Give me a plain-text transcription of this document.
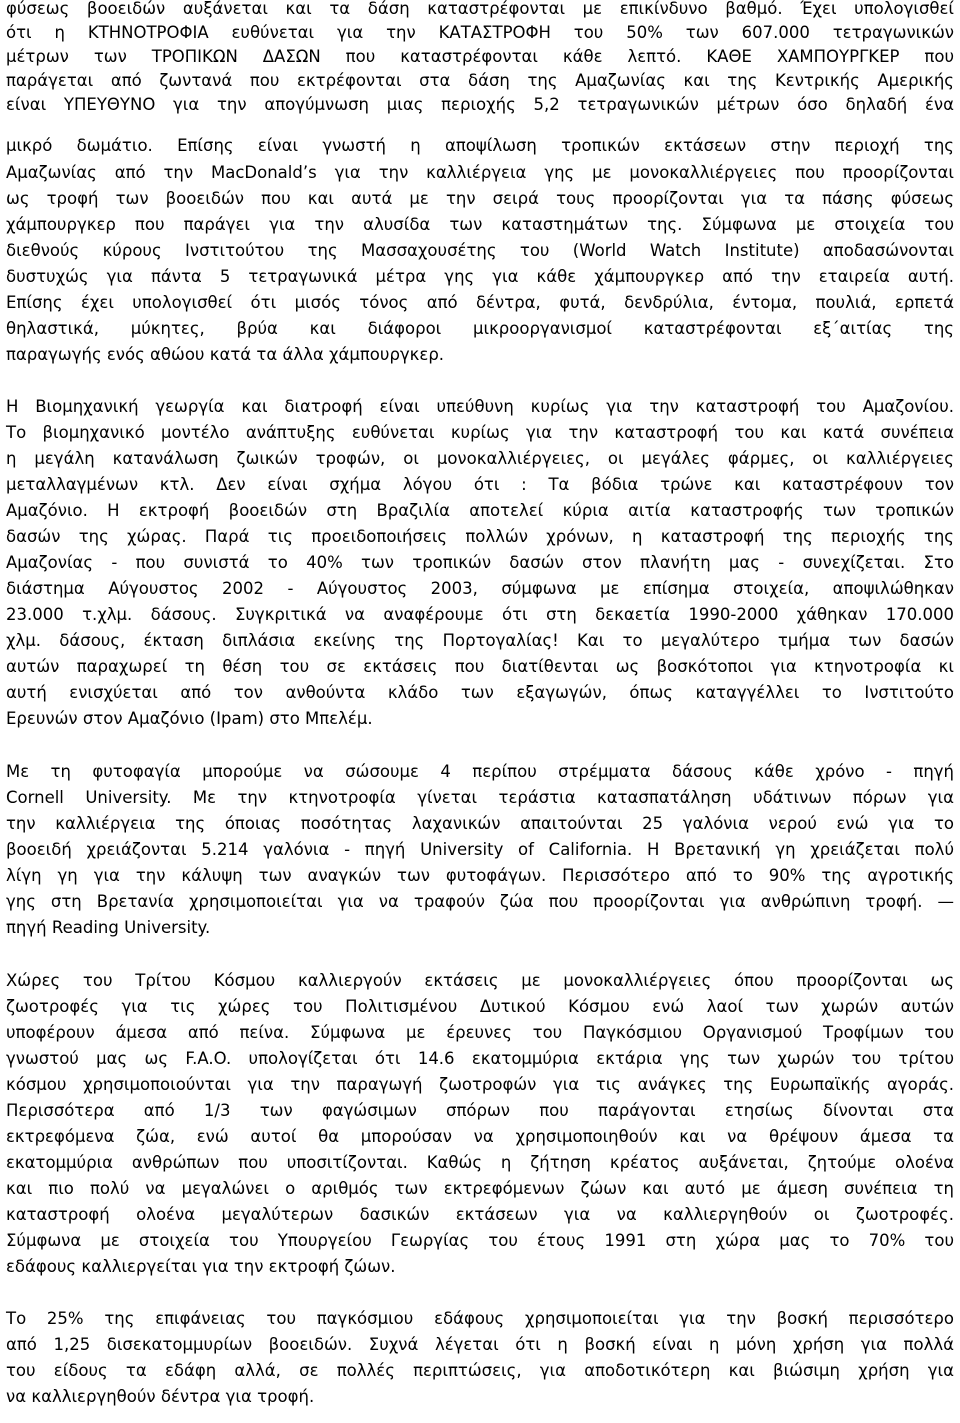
φύσεως βοοειδών αυξάνεται και τα δάση καταστρέφονται με επικίνδυνο βαθμό. Έχει υπολογισθεί
ότι η ΚΤΗΝΟΤΡΟΦΙΑ ευθύνεται για την ΚΑΤΑΣΤΡΟΦΗ του 50% των 607.000 τετραγωνικών
μέτρων των ΤΡΟΠΙΚΩΝ ΔΑΣΩΝ που καταστρέφονται κάθε λεπτό. ΚΑΘΕ ΧΑΜΠΟΥΡΓΚΕΡ που
παράγεται από ζωντανά που εκτρέφονται στα δάση της Αμαζωνίας και της Κεντρικής Αμερικής
είναι ΥΠΕΥΘΥΝΟ για την απογύμνωση μιας περιοχής 5,2 τετραγωνικών μέτρων όσο δηλαδή ένα
μικρό δωμάτιο. Επίσης είναι γνωστή η αποψίλωση τροπικών εκτάσεων στην περιοχή της
Αμαζωνίας από την MacDonald’s για την καλλιέργεια γης με μονοκαλλιέργειες που προορίζονται
ως τροφή των βοοειδών που και αυτά με την σειρά τους προορίζονται για τα πάσης φύσεως
χάμπουργκερ που παράγει για την αλυσίδα των καταστημάτων της. Σύμφωνα με στοιχεία του
διεθνούς κύρους Ινστιτούτου της Μασσαχουσέτης του (World Watch Institute) αποδασώνονται
δυστυχώς για πάντα 5 τετραγωνικά μέτρα γης για κάθε χάμπουργκερ από την εταιρεία αυτή.
Επίσης έχει υπολογισθεί ότι μισός τόνος από δέντρα, φυτά, δενδρύλια, έντομα, πουλιά, ερπετά
θηλαστικά, μύκητες, βρύα και διάφοροι μικροοργανισμοί καταστρέφονται εξ΄αιτίας της
παραγωγής ενός αθώου κατά τα άλλα χάμπουργκερ.
Η Βιομηχανική γεωργία και διατροφή είναι υπεύθυνη κυρίως για την καταστροφή του Αμαζονίου.
Το βιομηχανικό μοντέλο ανάπτυξης ευθύνεται κυρίως για την καταστροφή του και κατά συνέπεια
η μεγάλη κατανάλωση ζωικών τροφών, οι μονοκαλλιέργειες, οι μεγάλες φάρμες, οι καλλιέργειες
μεταλλαγμένων κτλ. Δεν είναι σχήμα λόγου ότι : Τα βόδια τρώνε και καταστρέφουν τον
Αμαζόνιο. Η εκτροφή βοοειδών στη Βραζιλία αποτελεί κύρια αιτία καταστροφής των τροπικών
δασών της χώρας. Παρά τις προειδοποιήσεις πολλών χρόνων, η καταστροφή της περιοχής της
Αμαζονίας - που συνιστά το 40% των τροπικών δασών στον πλανήτη μας - συνεχίζεται. Στο
διάστημα Αύγουστος 2002 - Αύγουστος 2003, σύμφωνα με επίσημα στοιχεία, αποψιλώθηκαν
23.000 τ.χλμ. δάσους. Συγκριτικά να αναφέρουμε ότι στη δεκαετία 1990-2000 χάθηκαν 170.000
χλμ. δάσους, έκταση διπλάσια εκείνης της Πορτογαλίας! Και το μεγαλύτερο τμήμα των δασών
αυτών παραχωρεί τη θέση του σε εκτάσεις που διατίθενται ως βοσκότοποι για κτηνοτροφία κι
αυτή ενισχύεται από τον ανθούντα κλάδο των εξαγωγών, όπως καταγγέλλει το Ινστιτούτο
Ερευνών στον Αμαζόνιο (Ipam) στο Μπελέμ.
Με τη φυτοφαγία μπορούμε να σώσουμε 4 περίπου στρέμματα δάσους κάθε χρόνο - πηγή
Cornell University. Με την κτηνοτροφία γίνεται τεράστια κατασπατάληση υδάτινων πόρων για
την καλλιέργεια της όποιας ποσότητας λαχανικών απαιτούνται 25 γαλόνια νερού ενώ για το
βοοειδή χρειάζονται 5.214 γαλόνια - πηγή University of California. Η Βρετανική γη χρειάζεται πολύ
λίγη γη για την κάλυψη των αναγκών των φυτοφάγων. Περισσότερο από το 90% της αγροτικής
γης στη Βρετανία χρησιμοποιείται για να τραφούν ζώα που προορίζονται για ανθρώπινη τροφή. —
πηγή Reading University.
Χώρες του Τρίτου Κόσμου καλλιεργούν εκτάσεις με μονοκαλλιέργειες όπου προορίζονται ως
ζωοτροφές για τις χώρες του Πολιτισμένου Δυτικού Κόσμου ενώ λαοί των χωρών αυτών
υποφέρουν άμεσα από πείνα. Σύμφωνα με έρευνες του Παγκόσμιου Οργανισμού Τροφίμων του
γνωστού μας ως F.A.O. υπολογίζεται ότι 14.6 εκατομμύρια εκτάρια γης των χωρών του τρίτου
κόσμου χρησιμοποιούνται για την παραγωγή ζωοτροφών για τις ανάγκες της Ευρωπαϊκής αγοράς.
Περισσότερα από 1/3 των φαγώσιμων σπόρων που παράγονται ετησίως δίνονται στα
εκτρεφόμενα ζώα, ενώ αυτοί θα μπορούσαν να χρησιμοποιηθούν και να θρέψουν άμεσα τα
εκατομμύρια ανθρώπων που υποσιτίζονται. Καθώς η ζήτηση κρέατος αυξάνεται, ζητούμε ολοένα
και πιο πολύ να μεγαλώνει ο αριθμός των εκτρεφόμενων ζώων και αυτό με άμεση συνέπεια τη
καταστροφή ολοένα μεγαλύτερων δασικών εκτάσεων για να καλλιεργηθούν οι ζωοτροφές.
Σύμφωνα με στοιχεία του Υπουργείου Γεωργίας του έτους 1991 στη χώρα μας το 70% του
εδάφους καλλιεργείται για την εκτροφή ζώων.
Το 25% της επιφάνειας του παγκόσμιου εδάφους χρησιμοποιείται για την βοσκή περισσότερο
από 1,25 δισεκατομμυρίων βοοειδών. Συχνά λέγεται ότι η βοσκή είναι η μόνη χρήση για πολλά
του είδους τα εδάφη αλλά, σε πολλές περιπτώσεις, για αποδοτικότερη και βιώσιμη χρήση για
να καλλιεργηθούν δέντρα για τροφή.
